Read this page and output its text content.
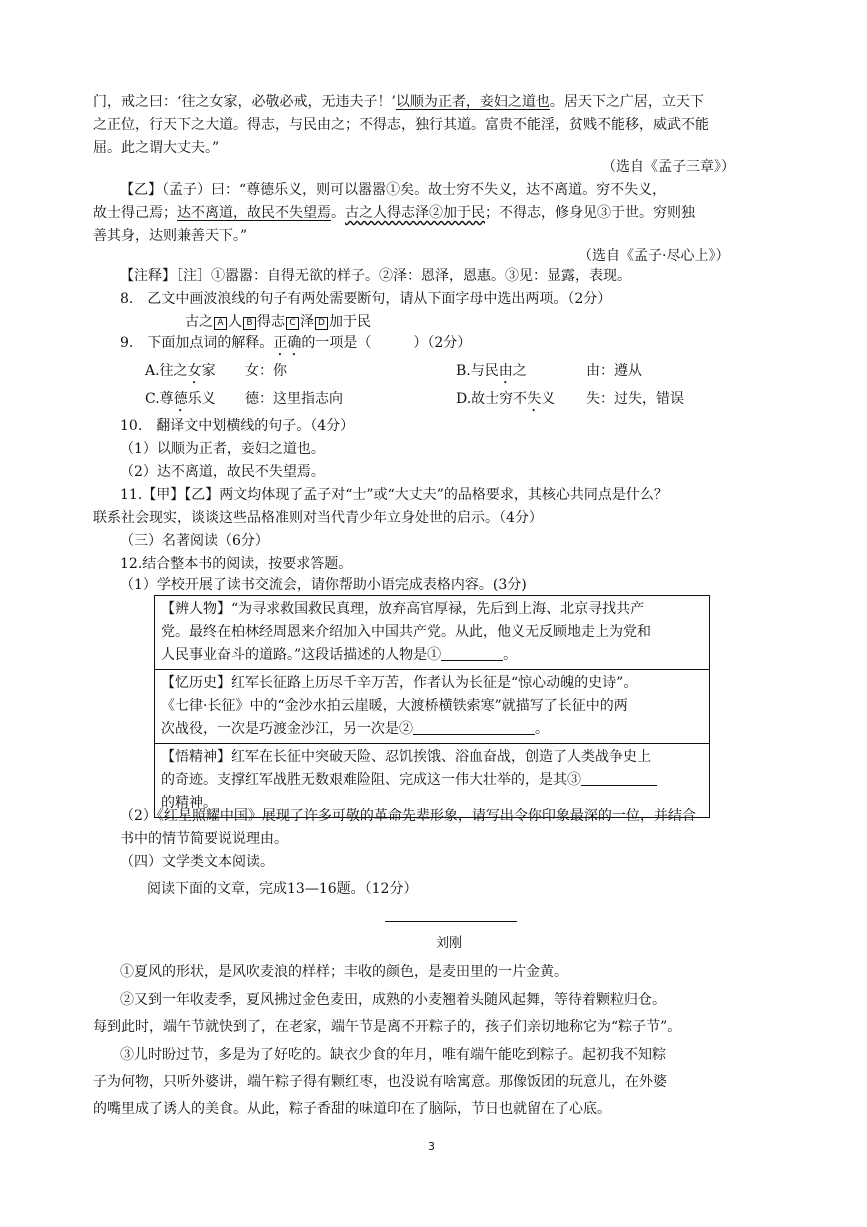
门，戒之曰：‘往之女家，必敬必戒，无违夫子！’以顺为正者，妾妇之道也。居天下之广居，立天下
之正位，行天下之大道。得志，与民由之；不得志，独行其道。富贵不能淫，贫贱不能移，威武不能
屈。此之谓大丈夫。”
（选自《孟子三章》）
【乙】（孟子）曰：“尊德乐义，则可以嚣嚣①矣。故士穷不失义，达不离道。穷不失义，
故士得己焉；达不离道，故民不失望焉。古之人得志泽②加于民；不得志，修身见③于世。穷则独
善其身，达则兼善天下。”
（选自《孟子·尽心上》）
【注释】［注］①嚣嚣：自得无欲的样子。②泽：恩泽，恩惠。③见：显露，表现。
8.　乙文中画波浪线的句子有两处需要断句，请从下面字母中选出两项。（2分）
古之 A 人 B 得志 C 泽 D 加于民
9.　下面加点词的解释。正确的一项是（　　　）（2分）
A.往之女家 女：你	B.与民由之	由：遵从
C.尊德乐义 德：这里指志向	D.故士穷不失义 失：过失，错误
10.　翻译文中划横线的句子。（4分）
（1）以顺为正者，妾妇之道也。
（2）达不离道，故民不失望焉。
11.【甲】【乙】两文均体现了孟子对“士”或“大丈夫”的品格要求，其核心共同点是什么？
联系社会现实，谈谈这些品格准则对当代青少年立身处世的启示。（4分）
（三）名著阅读（6分）
12.结合整本书的阅读，按要求答题。
（1）学校开展了读书交流会，请你帮助小语完成表格内容。(3分)
【辨人物】“为寻求救国救民真理，放弃高官厚禄，先后到上海、北京寻找共产
党。最终在柏林经周恩来介绍加入中国共产党。从此，他义无反顾地走上为党和
人民事业奋斗的道路。”这段话描述的人物是①	。

【忆历史】红军长征路上历尽千辛万苦，作者认为长征是“惊心动魄的史诗”。
《七律·长征》中的“金沙水拍云崖暖，大渡桥横铁索寒”就描写了长征中的两
次战役，一次是巧渡金沙江，另一次是②	。

【悟精神】红军在长征中突破天险、忍饥挨饿、浴血奋战，创造了人类战争史上
的奇迹。支撑红军战胜无数艰难险阻、完成这一伟大壮举的，是其③
的精神。
（2）《红星照耀中国》展现了许多可敬的革命先辈形象，请写出令你印象最深的一位，并结合
书中的情节简要说说理由。
（四）文学类文本阅读。
阅读下面的文章，完成13—16题。（12分）
刘刚
①夏风的形状，是风吹麦浪的样样；丰收的颜色，是麦田里的一片金黄。
②又到一年收麦季，夏风拂过金色麦田，成熟的小麦翘着头随风起舞，等待着颗粒归仓。
每到此时，端午节就快到了，在老家，端午节是离不开粽子的，孩子们亲切地称它为“粽子节”。
③儿时盼过节，多是为了好吃的。缺衣少食的年月，唯有端午能吃到粽子。起初我不知粽
子为何物，只听外婆讲，端午粽子得有颗红枣，也没说有啥寓意。那像饭团的玩意儿，在外婆
的嘴里成了诱人的美食。从此，粽子香甜的味道印在了脑际，节日也就留在了心底。
3
